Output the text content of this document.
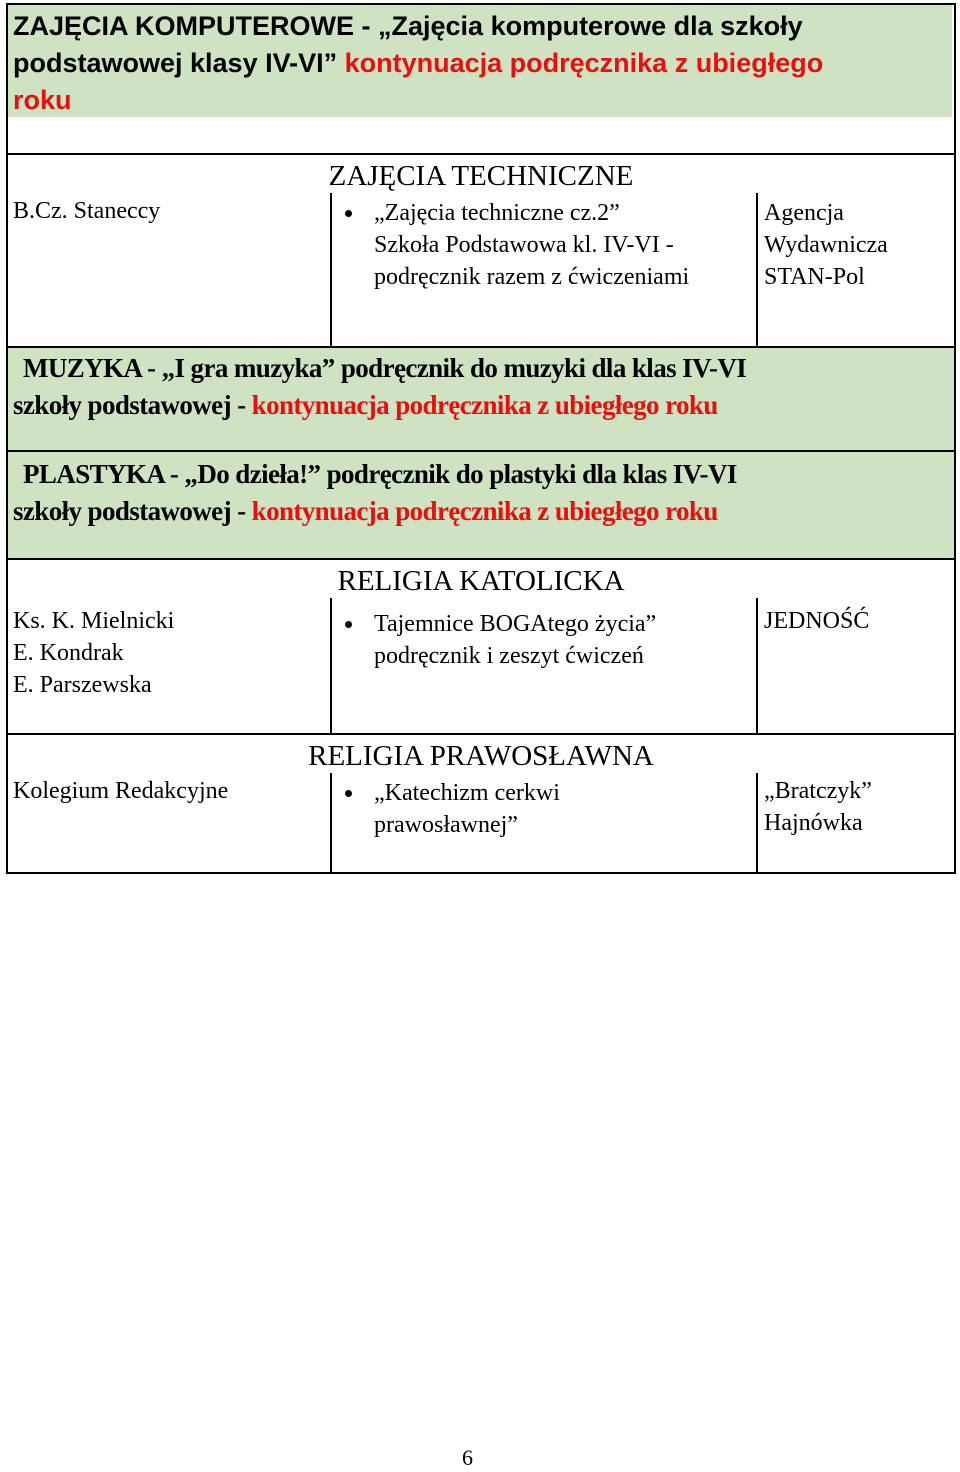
ZAJĘCIA KOMPUTEROWE - „Zajęcia komputerowe dla szkoły
podstawowej klasy IV-VI” kontynuacja podręcznika z ubiegłego
roku
ZAJĘCIA TECHNICZNE
B.Cz. Staneccy	„Zajęcia techniczne cz.2”
Szkoła Podstawowa kl. IV-VI -
podręcznik razem z ćwiczeniami
Agencja
Wydawnicza
STAN-Pol
MUZYKA - „I gra muzyka” podręcznik do muzyki dla klas IV-VI
szkoły podstawowej - kontynuacja podręcznika z ubiegłego roku
PLASTYKA - „Do dzieła!” podręcznik do plastyki dla klas IV-VI
szkoły podstawowej - kontynuacja podręcznika z ubiegłego roku
RELIGIA KATOLICKA
Ks. K. Mielnicki
E. Kondrak
E. Parszewska
Tajemnice BOGAtego życia”
podręcznik i zeszyt ćwiczeń
JEDNOŚĆ
RELIGIA PRAWOSŁAWNA
Kolegium Redakcyjne	„Katechizm cerkwi
prawosławnej”
„Bratczyk”
Hajnówka
6
